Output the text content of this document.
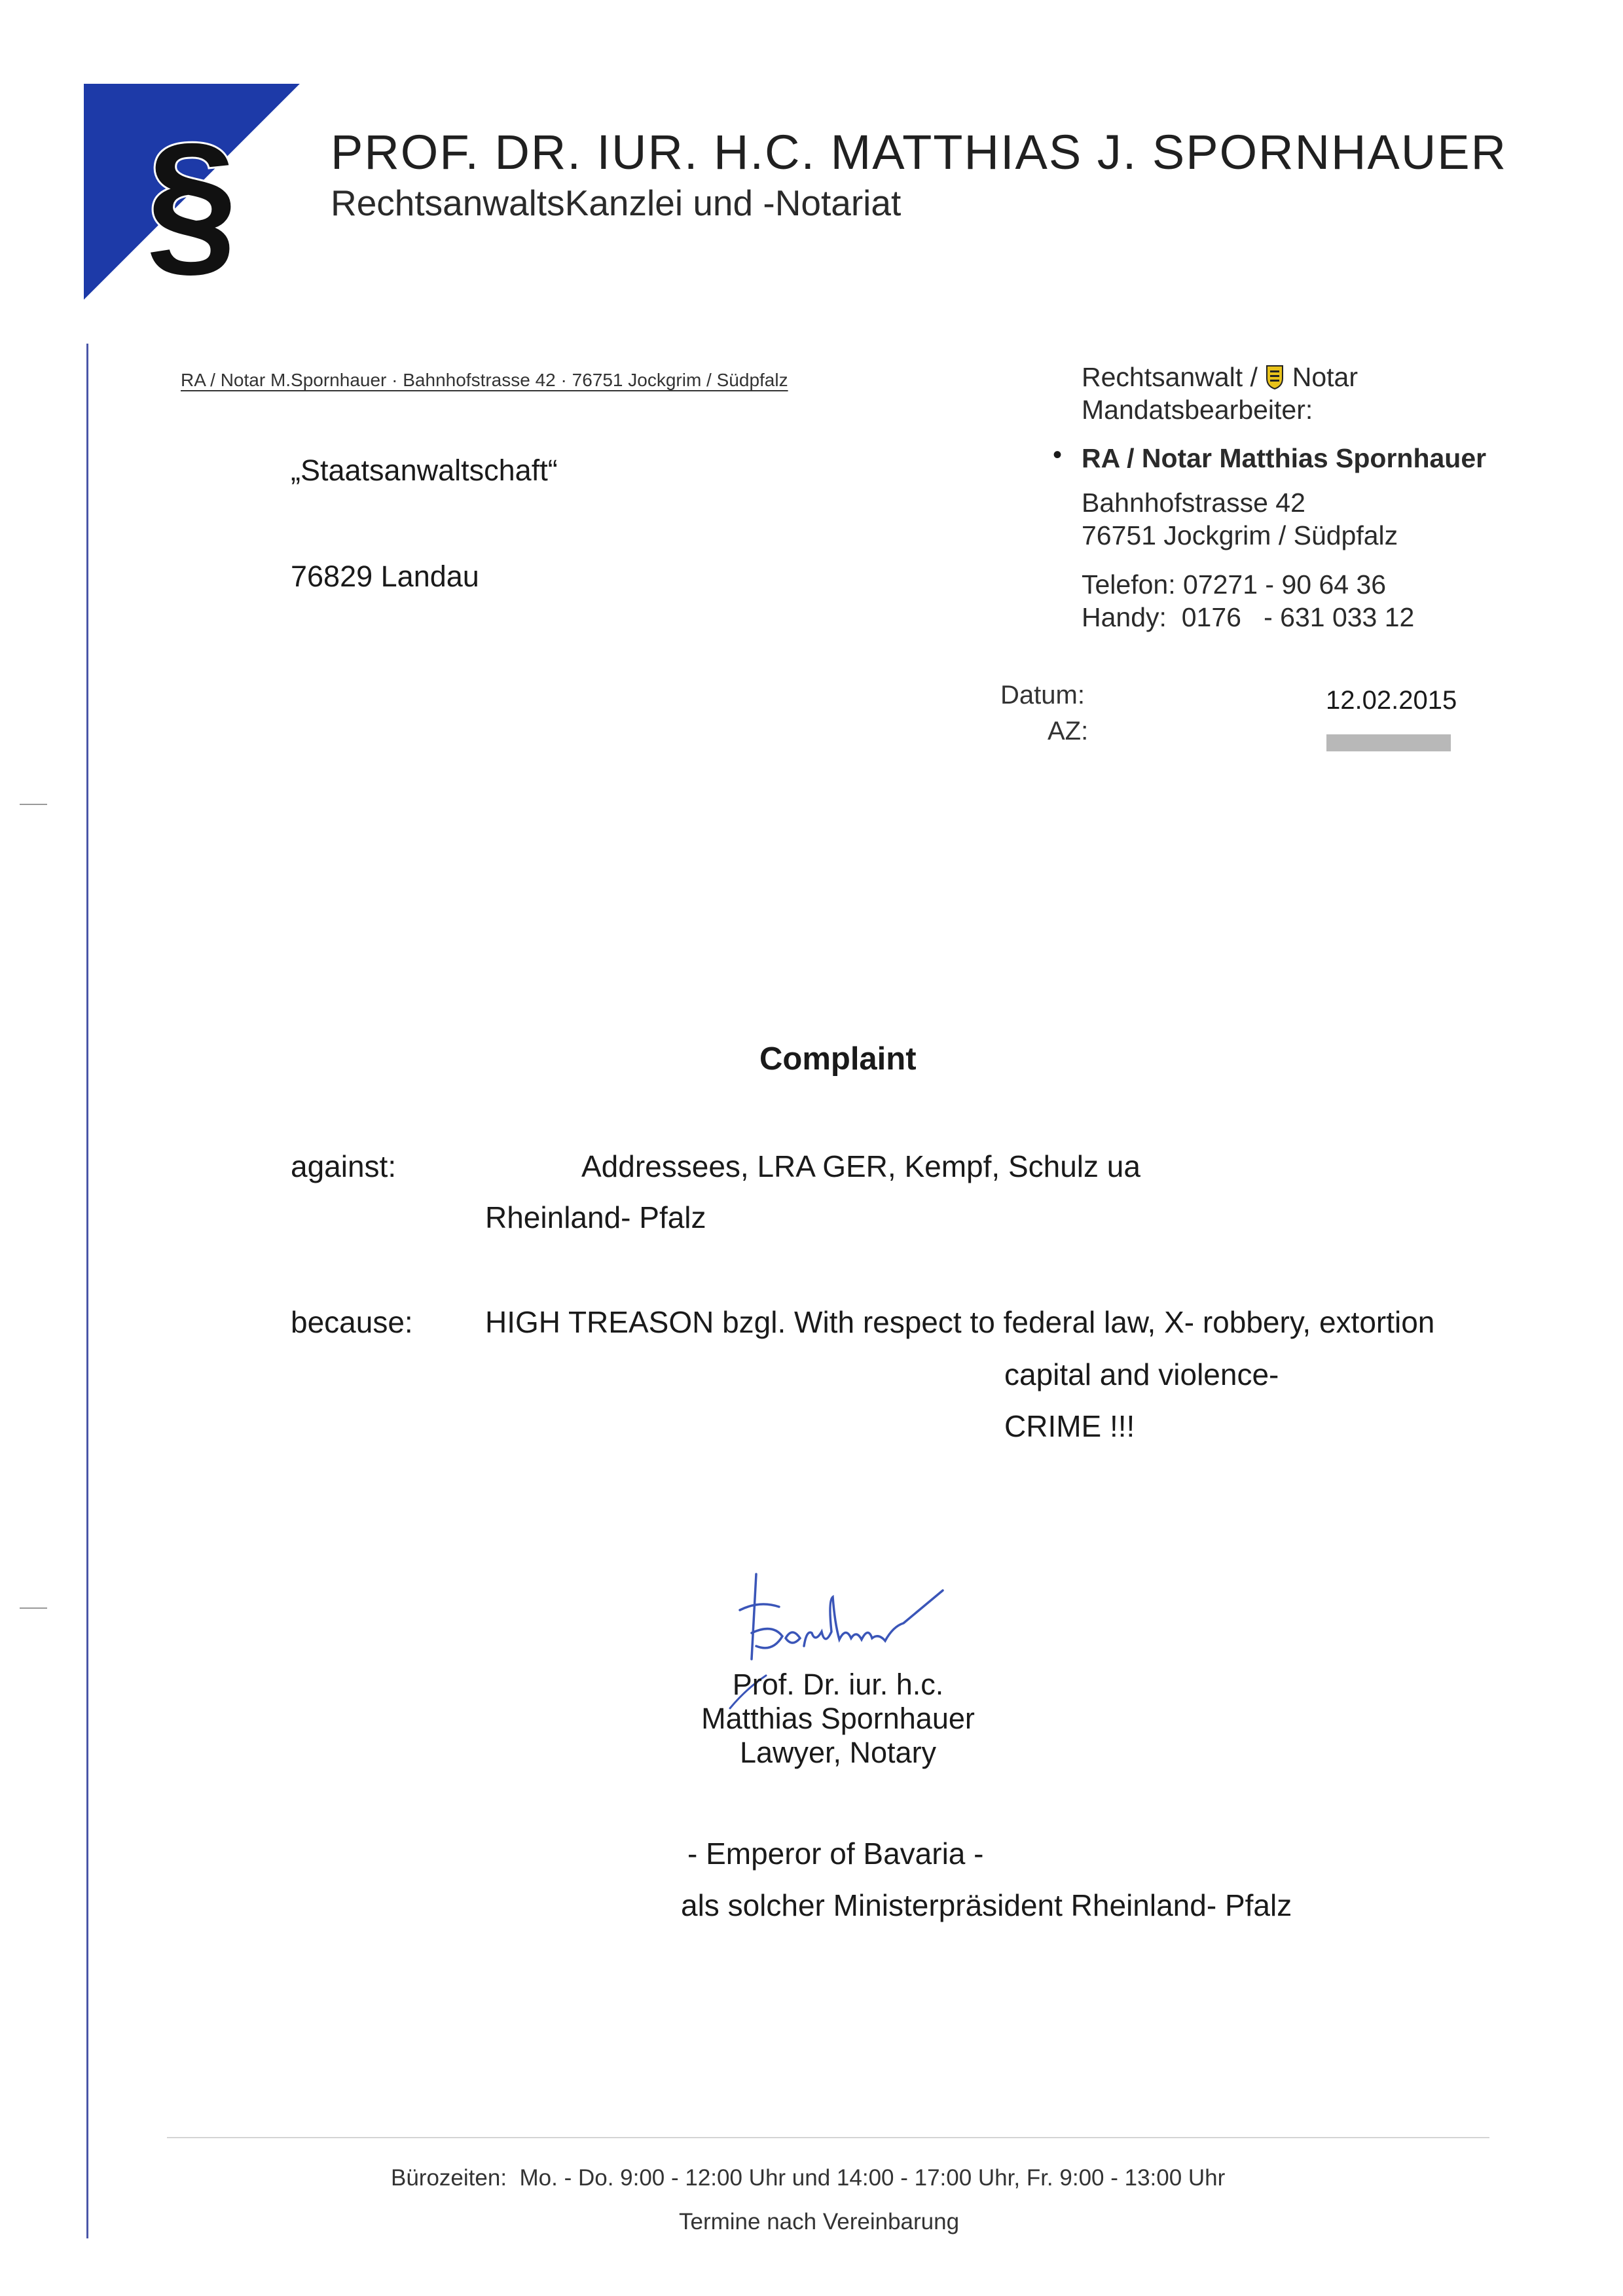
§ PROF. DR. IUR. H.C. MATTHIAS J. SPORNHAUER
RechtsanwaltsKanzlei und -Notariat
RA / Notar M.Spornhauer · Bahnhofstrasse 42 · 76751 Jockgrim / Südpfalz
„Staatsanwaltschaft“
76829 Landau
Rechtsanwalt / Notar
Mandatsbearbeiter:
• RA / Notar Matthias Spornhauer
Bahnhofstrasse 42
76751 Jockgrim / Südpfalz
Telefon: 07271 - 90 64 36
Handy: 0176   - 631 033 12
Datum:	12.02.2015
AZ:
Complaint
against:	Addressees, LRA GER, Kempf, Schulz ua
Rheinland- Pfalz
because: HIGH TREASON bzgl. With respect to federal law, X- robbery, extortion
capital and violence-
CRIME !!!
Prof. Dr. iur. h.c.
Matthias Spornhauer
Lawyer, Notary
- Emperor of Bavaria -
als solcher Ministerpräsident Rheinland- Pfalz
Bürozeiten:  Mo. - Do. 9:00 - 12:00 Uhr und 14:00 - 17:00 Uhr, Fr. 9:00 - 13:00 Uhr
Termine nach Vereinbarung
